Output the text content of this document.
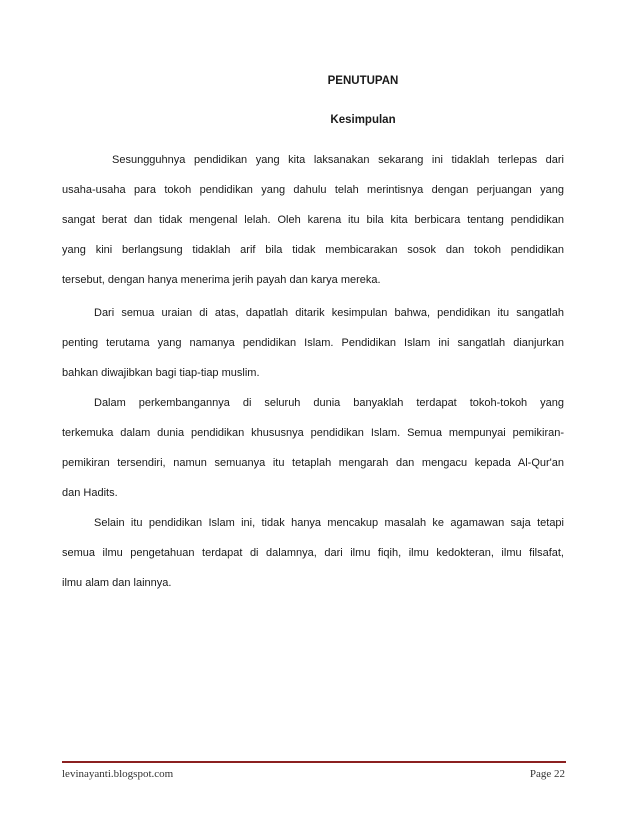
PENUTUPAN
Kesimpulan
Sesungguhnya pendidikan yang kita laksanakan sekarang ini tidaklah terlepas dari
usaha-usaha para tokoh pendidikan yang dahulu telah merintisnya dengan perjuangan yang
sangat berat dan tidak mengenal lelah. Oleh karena itu bila kita berbicara tentang pendidikan
yang kini berlangsung tidaklah arif bila tidak membicarakan sosok dan tokoh pendidikan
tersebut, dengan hanya menerima jerih payah dan karya mereka.
Dari semua uraian di atas, dapatlah ditarik kesimpulan bahwa, pendidikan itu sangatlah
penting terutama yang namanya pendidikan Islam. Pendidikan Islam ini sangatlah dianjurkan
bahkan diwajibkan bagi tiap-tiap muslim.
Dalam perkembangannya di seluruh dunia banyaklah terdapat tokoh-tokoh yang
terkemuka dalam dunia pendidikan khususnya pendidikan Islam. Semua mempunyai pemikiran-
pemikiran tersendiri, namun semuanya itu tetaplah mengarah dan mengacu kepada Al-Qur'an
dan Hadits.
Selain itu pendidikan Islam ini, tidak hanya mencakup masalah ke agamawan saja tetapi
semua ilmu pengetahuan terdapat di dalamnya, dari ilmu fiqih, ilmu kedokteran, ilmu filsafat,
ilmu alam dan lainnya.
levinayanti.blogspot.com	Page 22
